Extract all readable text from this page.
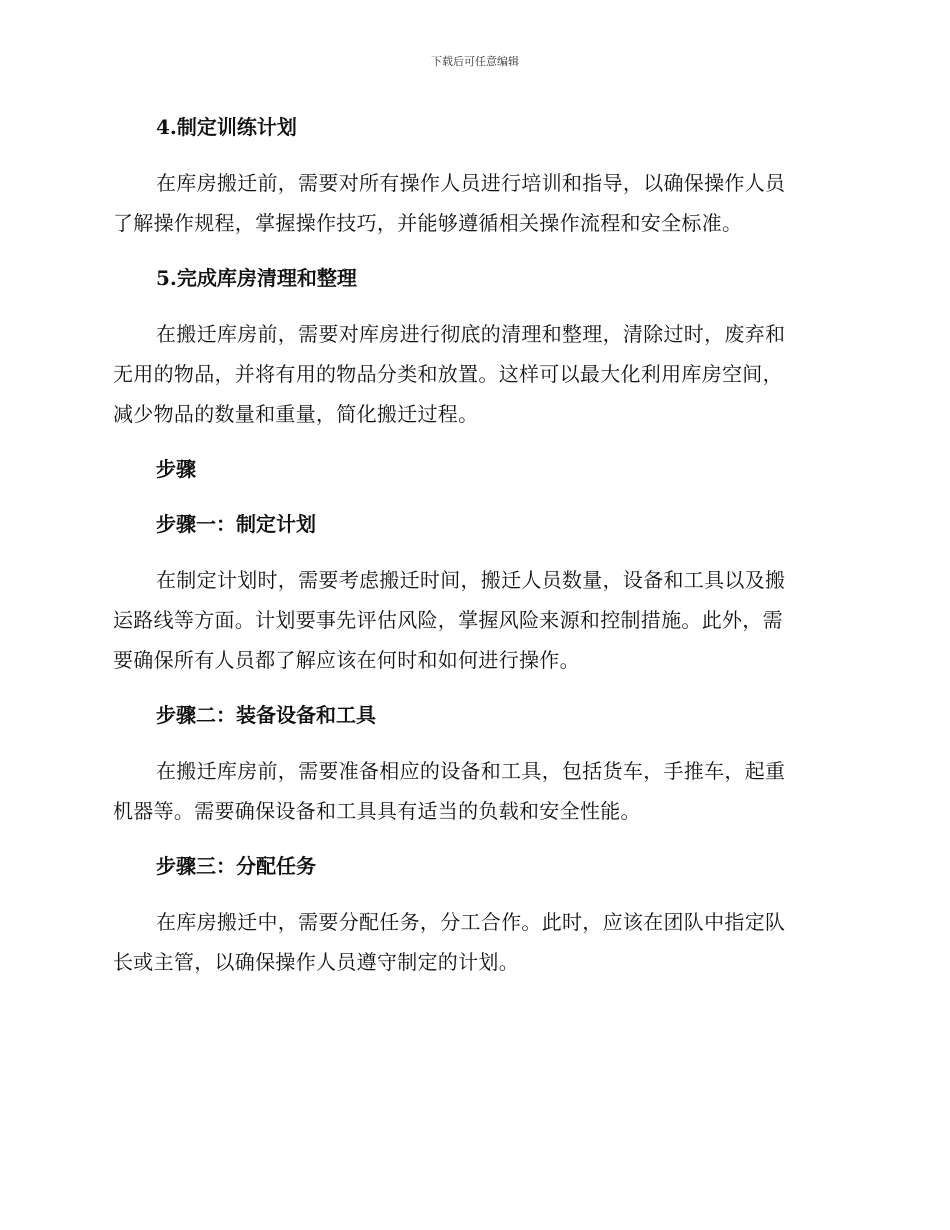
下载后可任意编辑
4.制定训练计划
在库房搬迁前，需要对所有操作人员进行培训和指导，以确保操作人员
了解操作规程，掌握操作技巧，并能够遵循相关操作流程和安全标准。
5.完成库房清理和整理
在搬迁库房前，需要对库房进行彻底的清理和整理，清除过时，废弃和
无用的物品，并将有用的物品分类和放置。这样可以最大化利用库房空间，
减少物品的数量和重量，简化搬迁过程。
步骤
步骤一：制定计划
在制定计划时，需要考虑搬迁时间，搬迁人员数量，设备和工具以及搬
运路线等方面。计划要事先评估风险，掌握风险来源和控制措施。此外，需
要确保所有人员都了解应该在何时和如何进行操作。
步骤二：装备设备和工具
在搬迁库房前，需要准备相应的设备和工具，包括货车，手推车，起重
机器等。需要确保设备和工具具有适当的负载和安全性能。
步骤三：分配任务
在库房搬迁中，需要分配任务，分工合作。此时，应该在团队中指定队
长或主管，以确保操作人员遵守制定的计划。
